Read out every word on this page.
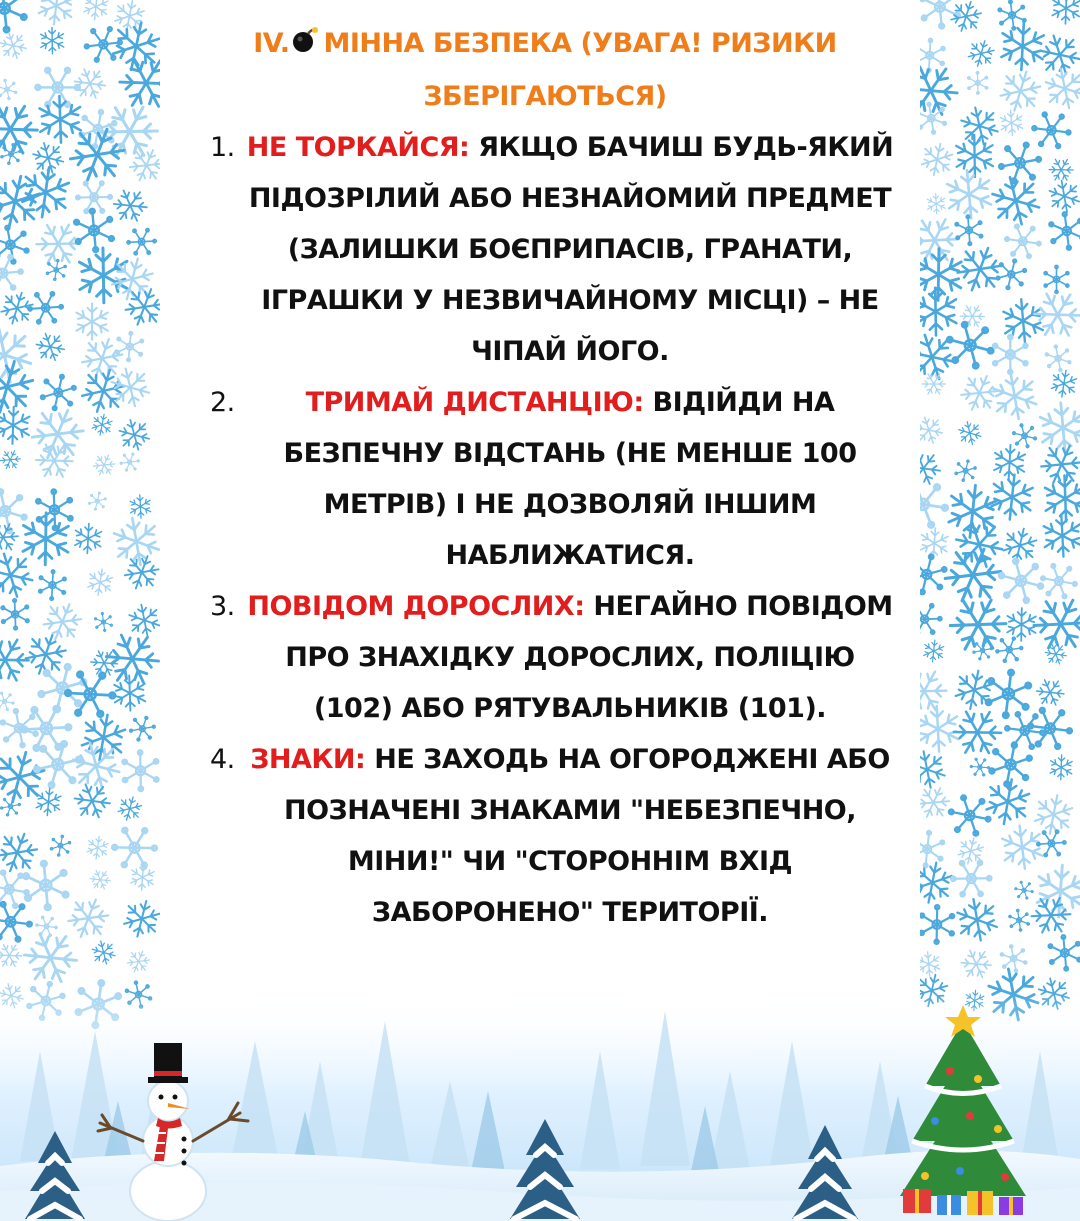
IV. МІННА БЕЗПЕКА (УВАГА! РИЗИКИ ЗБЕРІГАЮТЬСЯ)
1. НЕ ТОРКАЙСЯ: ЯКЩО БАЧИШ БУДЬ-ЯКИЙ ПІДОЗРІЛИЙ АБО НЕЗНАЙОМИЙ ПРЕДМЕТ (ЗАЛИШКИ БОЄПРИПАСІВ, ГРАНАТИ, ІГРАШКИ У НЕЗВИЧАЙНОМУ МІСЦІ) – НЕ ЧІПАЙ ЙОГО.
2.	ТРИМАЙ ДИСТАНЦІЮ: ВІДІЙДИ НА БЕЗПЕЧНУ ВІДСТАНЬ (НЕ МЕНШЕ 100 МЕТРІВ) І НЕ ДОЗВОЛЯЙ ІНШИМ НАБЛИЖАТИСЯ.
3. ПОВІДОМ ДОРОСЛИХ: НЕГАЙНО ПОВІДОМ ПРО ЗНАХІДКУ ДОРОСЛИХ, ПОЛІЦІЮ (102) АБО РЯТУВАЛЬНИКІВ (101).
4. ЗНАКИ: НЕ ЗАХОДЬ НА ОГОРОДЖЕНІ АБО ПОЗНАЧЕНІ ЗНАКАМИ "НЕБЕЗПЕЧНО, МІНИ!" ЧИ "СТОРОННІМ ВХІД ЗАБОРОНЕНО" ТЕРИТОРІЇ.
